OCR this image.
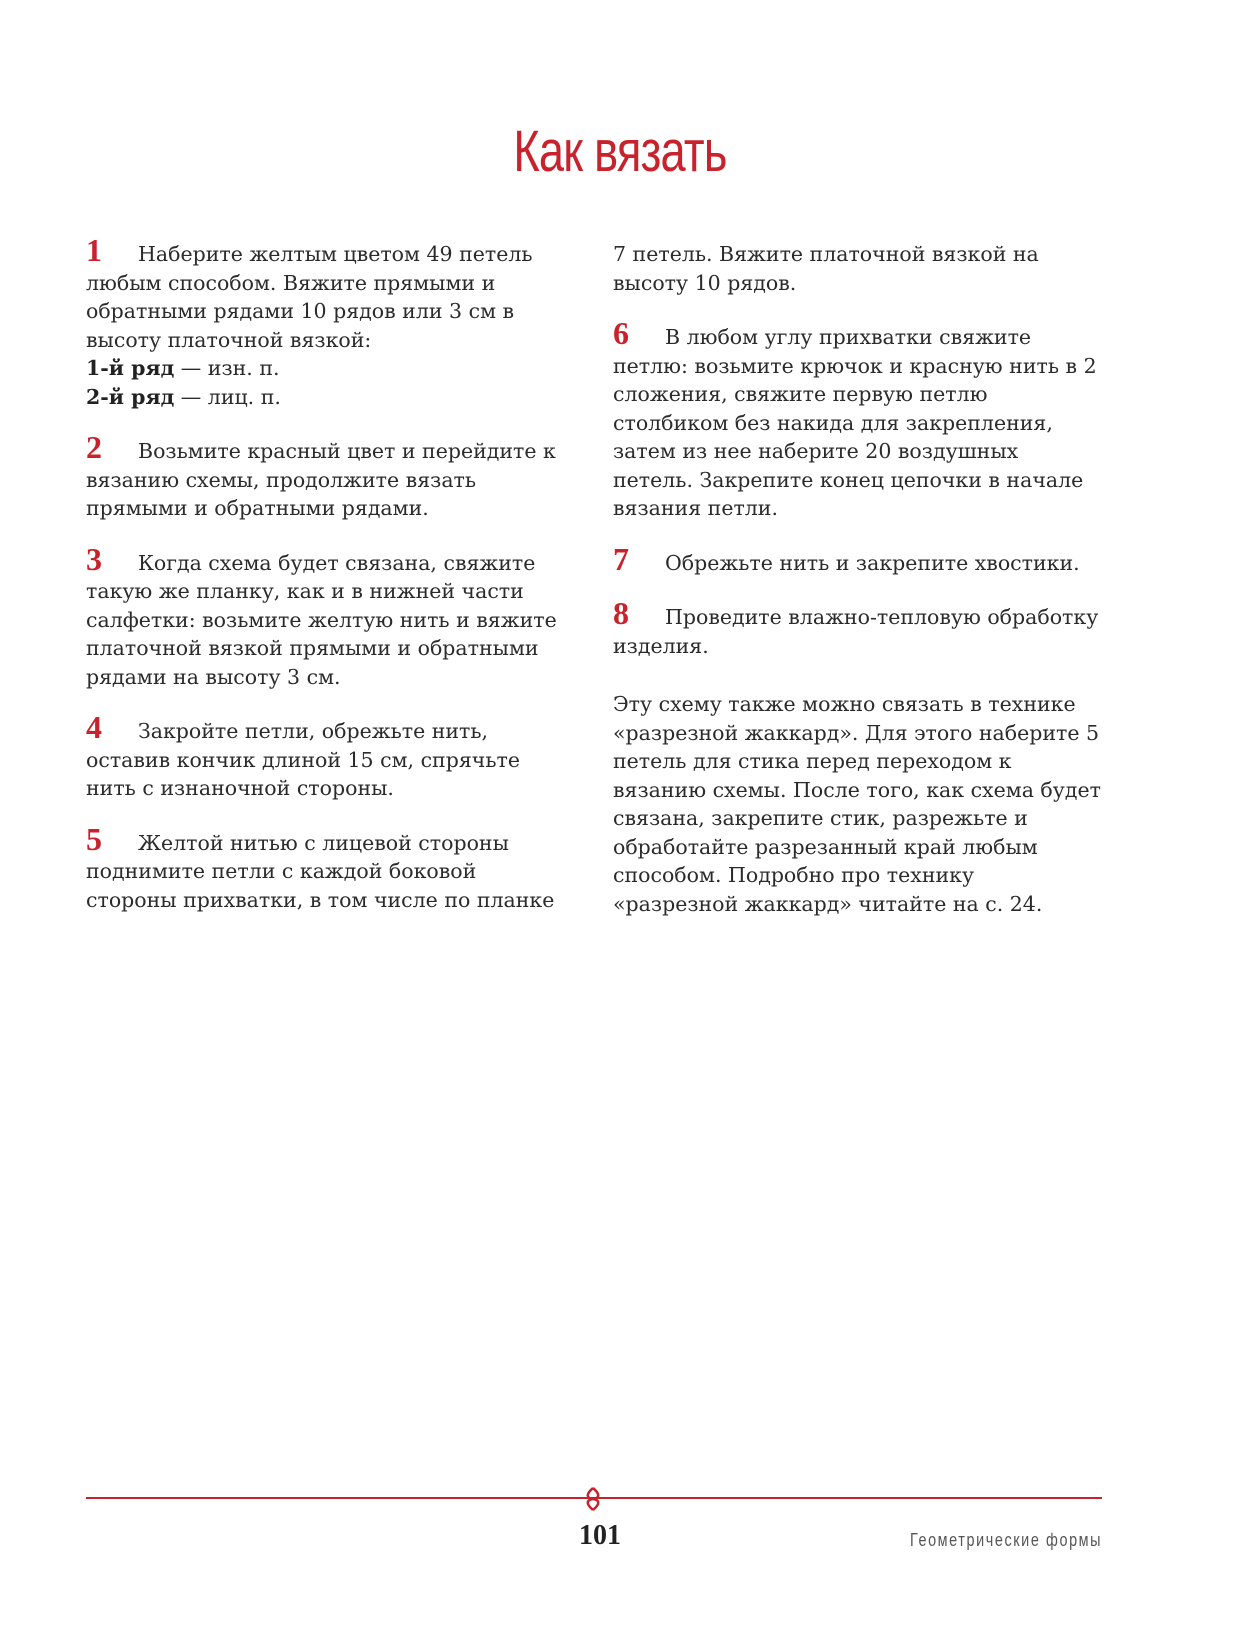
Как вязать

1 Наберите желтым цветом 49 петель любым способом. Вяжите прямыми и обратными рядами 10 рядов или 3 см в высоту платочной вязкой:

1-й ряд — изн. п.

2-й ряд — лиц. п.

2 Возьмите красный цвет и перейдите к вязанию схемы, продолжите вязать прямыми и обратными рядами.

3 Когда схема будет связана, свяжите такую же планку, как и в нижней части салфетки: возьмите желтую нить и вяжите платочной вязкой прямыми и обратными рядами на высоту 3 см.

4 Закройте петли, обрежьте нить, оставив кончик длиной 15 см, спрячьте нить с изнаночной стороны.

5 Желтой нитью с лицевой стороны поднимите петли с каждой боковой стороны прихватки, в том числе по планке

7 петель. Вяжите платочной вязкой на высоту 10 рядов.

6 В любом углу прихватки свяжите петлю: возьмите крючок и красную нить в 2 сложения, свяжите первую петлю столбиком без накида для закрепления, затем из нее наберите 20 воздушных петель. Закрепите конец цепочки в начале вязания петли.

7 Обрежьте нить и закрепите хвостики.

8 Проведите влажно-тепловую обработку изделия.

Эту схему также можно связать в технике «разрезной жаккард». Для этого наберите 5 петель для стика перед переходом к вязанию схемы. После того, как схема будет связана, закрепите стик, разрежьте и обработайте разрезанный край любым способом. Подробно про технику «разрезной жаккард» читайте на с. 24.

101	Геометрические формы
